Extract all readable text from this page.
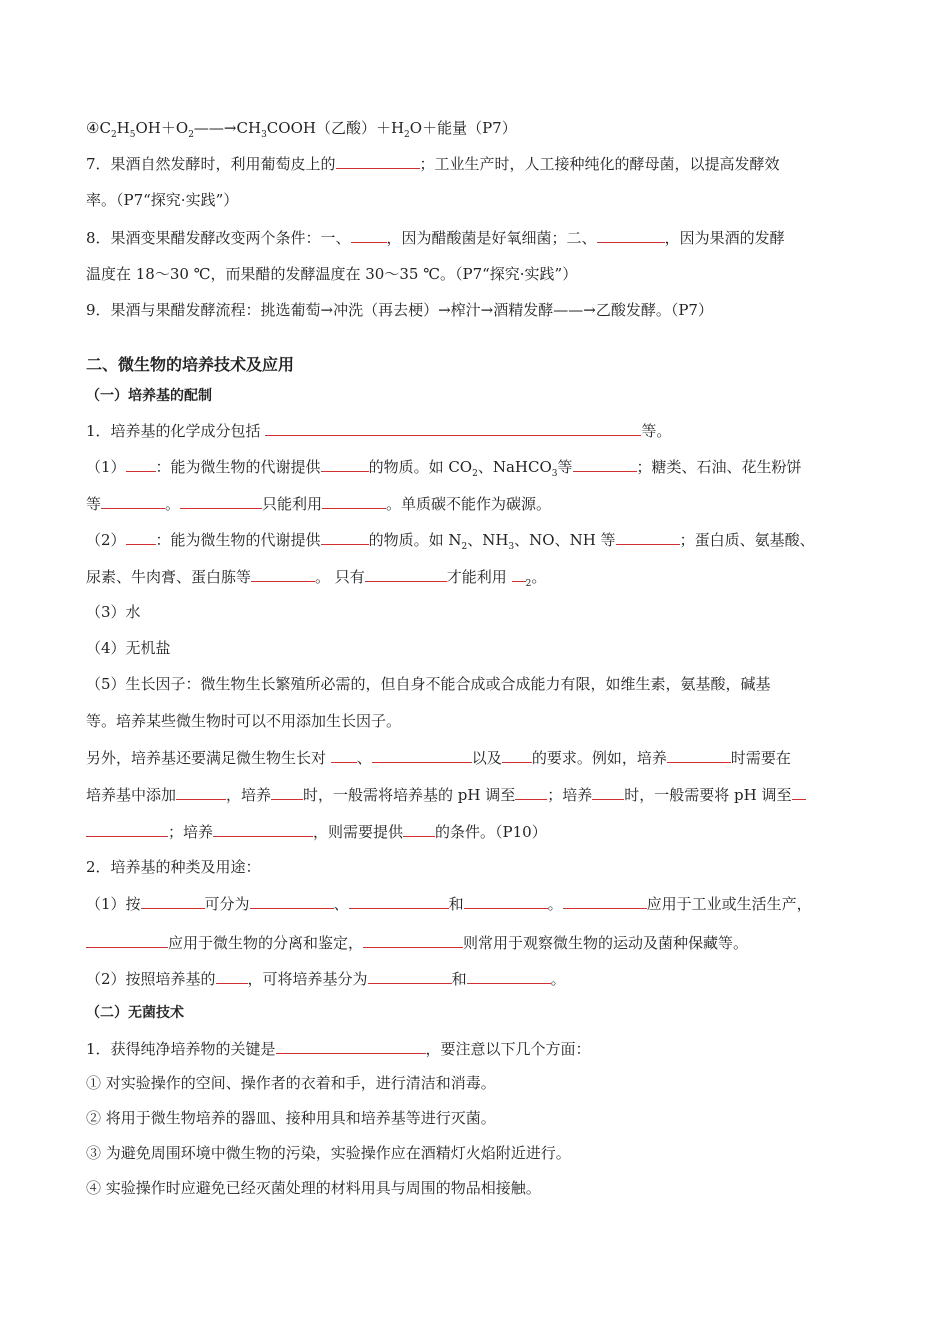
$④C_2H_5OH+O_2——\to CH_3COOH$（乙酸）$+H_2O+$能量（P7）
7．果酒自然发酵时，利用葡萄皮上的	；工业生产时，人工接种纯化的酵母菌，以提高发酵效
率。（P7“探究·实践”）
8．果酒变果醋发酵改变两个条件：一、 ，因为醋酸菌是好氧细菌；二、	，因为果酒的发酵
温度在 18～30 ℃，而果醋的发酵温度在 30～35 ℃。（P7“探究·实践”）
9．果酒与果醋发酵流程：挑选葡萄→冲洗（再去梗）→榨汁→酒精发酵——→乙酸发酵。（P7）
二、微生物的培养技术及应用
（一）培养基的配制
1．培养基的化学成分包括	等。
（1） ：能为微生物的代谢提供	的物质。如 $CO_2$、NaHCO$_3$等	；糖类、石油、花生粉饼
等	。	只能利用	。单质碳不能作为碳源。
（2） ：能为微生物的代谢提供	的物质。如 $N_2$、$NH_3$、NO、NH 等	；蛋白质、氨基酸、
尿素、牛肉膏、蛋白胨等	。 只有	才能利用 $_2$。
（3）水
（4）无机盐
（5）生长因子：微生物生长繁殖所必需的，但自身不能合成或合成能力有限，如维生素，氨基酸，碱基
等。培养某些微生物时可以不用添加生长因子。
另外，培养基还要满足微生物生长对 、	以及 的要求。例如，培养	时需要在
培养基中添加	，培养 时，一般需将培养基的 pH 调至 ；培养 时，一般需要将 pH 调至
；培养	，则需要提供 的条件。（P10）
2．培养基的种类及用途：
（1）按	可分为	、	和	。	应用于工业或生活生产，
应用于微生物的分离和鉴定，	则常用于观察微生物的运动及菌种保藏等。
（2）按照培养基的 ，可将培养基分为	和	。
（二）无菌技术
1．获得纯净培养物的关键是	，要注意以下几个方面：
① 对实验操作的空间、操作者的衣着和手，进行清洁和消毒。
② 将用于微生物培养的器皿、接种用具和培养基等进行灭菌。
③ 为避免周围环境中微生物的污染，实验操作应在酒精灯火焰附近进行。
④ 实验操作时应避免已经灭菌处理的材料用具与周围的物品相接触。
